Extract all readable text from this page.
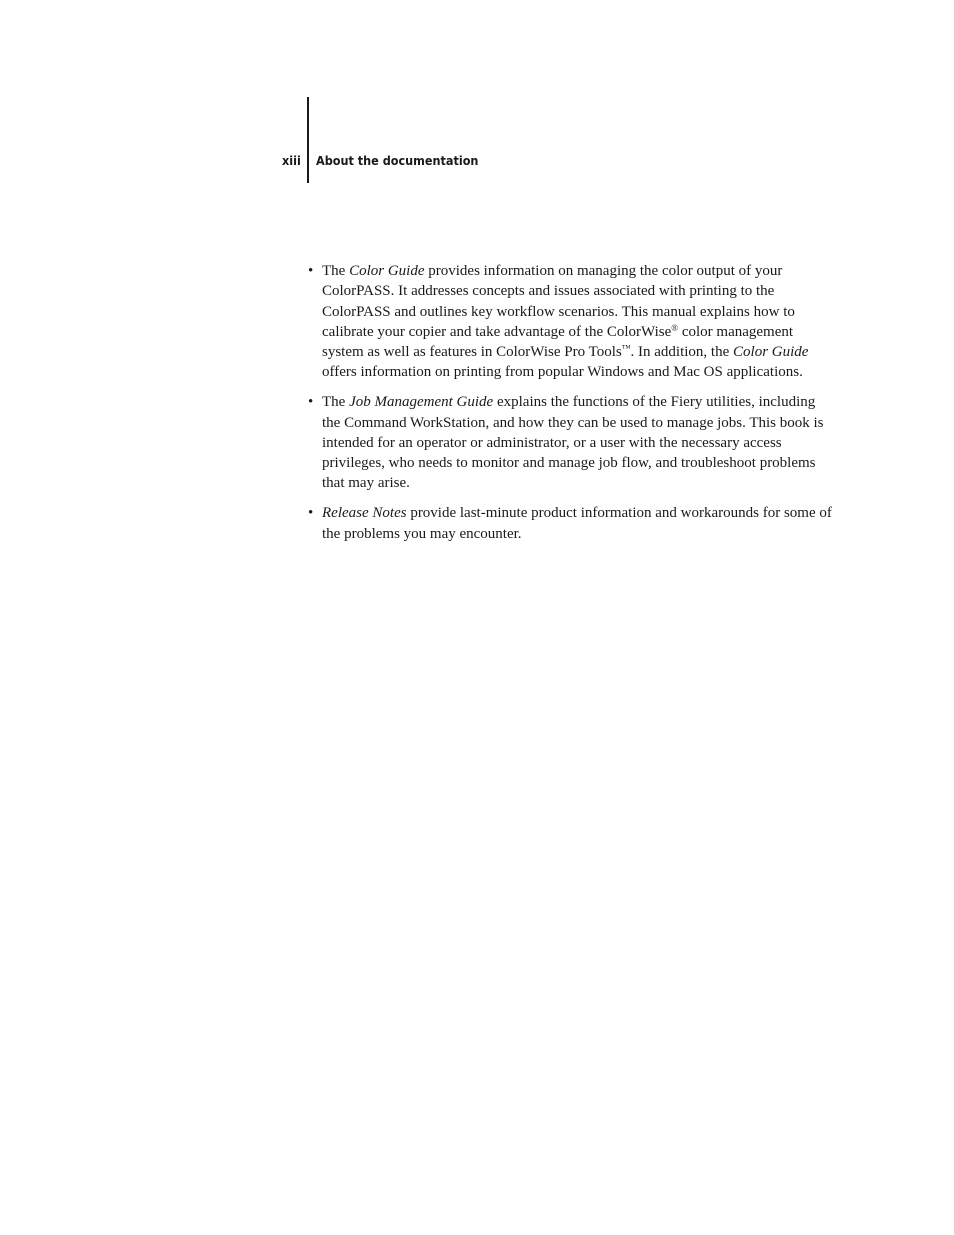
xiii About the documentation
• The Color Guide provides information on managing the color output of your ColorPASS. It addresses concepts and issues associated with printing to the ColorPASS and outlines key workflow scenarios. This manual explains how to calibrate your copier and take advantage of the ColorWise® color management system as well as features in ColorWise Pro Tools™. In addition, the Color Guide offers information on printing from popular Windows and Mac OS applications.
• The Job Management Guide explains the functions of the Fiery utilities, including the Command WorkStation, and how they can be used to manage jobs. This book is intended for an operator or administrator, or a user with the necessary access privileges, who needs to monitor and manage job flow, and troubleshoot problems that may arise.
• Release Notes provide last-minute product information and workarounds for some of the problems you may encounter.
